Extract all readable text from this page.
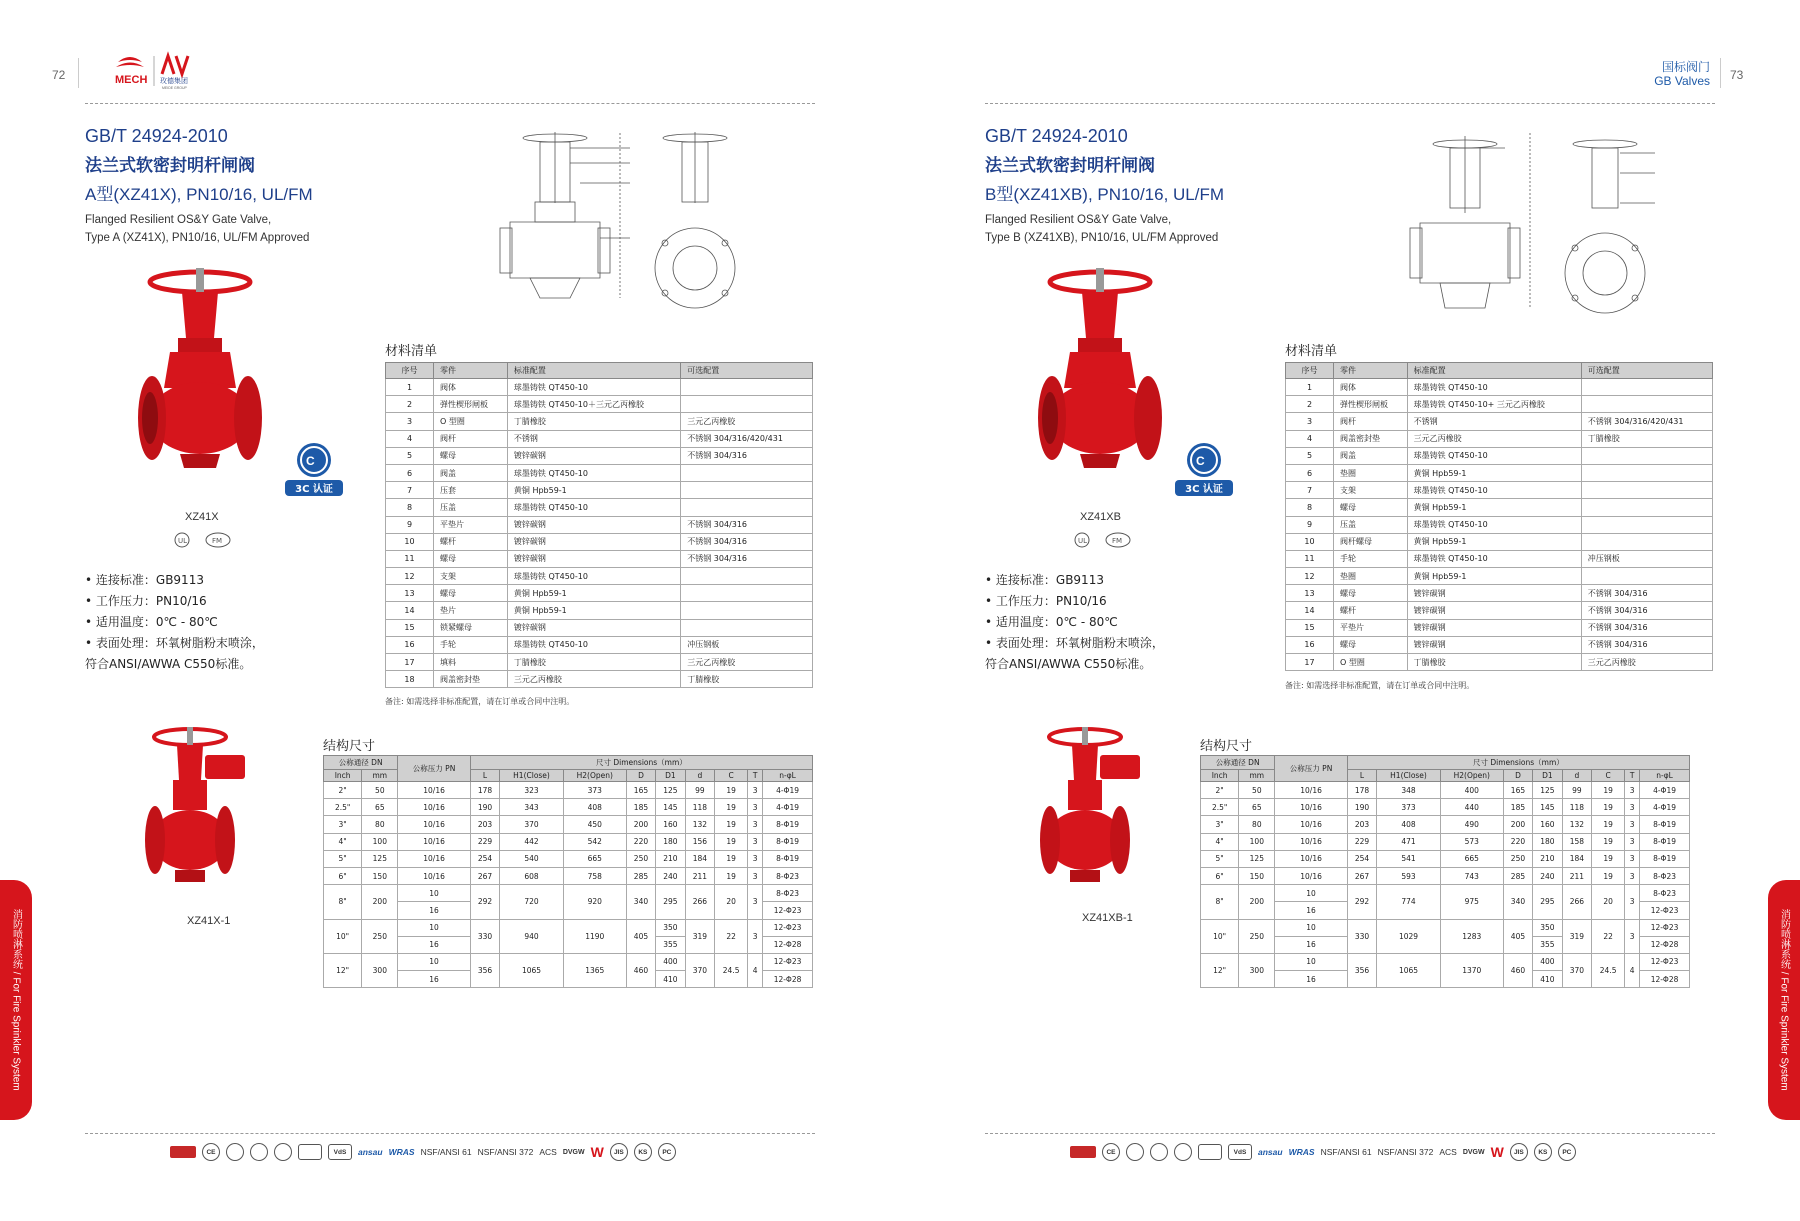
72	MECH 玫德集团
MEIDE GROUP
GB/T 24924-2010
法兰式软密封明杆闸阀
A型(XZ41X), PN10/16, UL/FM
Flanged Resilient OS&Y Gate Valve,
Type A (XZ41X), PN10/16, UL/FM Approved
C
3C 认证
XZ41X
UL	FM
• 连接标准：GB9113
• 工作压力：PN10/16
• 适用温度：0℃ - 80℃
• 表面处理：环氧树脂粉末喷涂，
符合ANSI/AWWA C550标准。
材料清单
序号	零件	标准配置	可选配置
1	阀体	球墨铸铁 QT450-10	
2	弹性楔形闸板	球墨铸铁 QT450-10＋三元乙丙橡胶	
3	O 型圈	丁腈橡胶	三元乙丙橡胶
4	阀杆	不锈钢	不锈钢 304/316/420/431
5	螺母	镀锌碳钢	不锈钢 304/316
6	阀盖	球墨铸铁 QT450-10	
7	压套	黄铜 Hpb59-1	
8	压盖	球墨铸铁 QT450-10	
9	平垫片	镀锌碳钢	不锈钢 304/316
10	螺杆	镀锌碳钢	不锈钢 304/316
11	螺母	镀锌碳钢	不锈钢 304/316
12	支架	球墨铸铁 QT450-10	
13	螺母	黄铜 Hpb59-1	
14	垫片	黄铜 Hpb59-1	
15	锁紧螺母	镀锌碳钢	
16	手轮	球墨铸铁 QT450-10	冲压钢板
17	填料	丁腈橡胶	三元乙丙橡胶
18	阀盖密封垫	三元乙丙橡胶	丁腈橡胶
备注: 如需选择非标准配置，请在订单或合同中注明。
结构尺寸
公称通径 DN		公称压力 PN	尺寸 Dimensions（mm）								
Inch	mm		L	H1(Close)	H2(Open)	D	D1	d	C	T	n-φL
2"	50	10/16	178	323	373	165	125	99	19	3	4-Φ19
2.5"	65	10/16	190	343	408	185	145	118	19	3	4-Φ19
3"	80	10/16	203	370	450	200	160	132	19	3	8-Φ19
4"	100	10/16	229	442	542	220	180	156	19	3	8-Φ19
5"	125	10/16	254	540	665	250	210	184	19	3	8-Φ19
6"	150	10/16	267	608	758	285	240	211	19	3	8-Φ23
8"	200	10	292	720	920	340	295	266	20	3	8-Φ23
		16									12-Φ23
10"	250	10	330	940	1190	405	350	319	22	3	12-Φ23
		16					355				12-Φ28
12"	300	10	356	1065	1365	460	400	370	24.5	4	12-Φ23
		16					410				12-Φ28
XZ41X-1
消防喷淋系统 / For Fire Sprinkler System
CE	VdS	ansau WRAS NSF/ANSI 61 NSF/ANSI 372 ACS DVGW W	JIS	KS	PC
国标阀门
GB Valves 73
GB/T 24924-2010
法兰式软密封明杆闸阀
B型(XZ41XB), PN10/16, UL/FM
Flanged Resilient OS&Y Gate Valve,
Type B (XZ41XB), PN10/16, UL/FM Approved
C
3C 认证
XZ41XB
UL	FM
• 连接标准：GB9113
• 工作压力：PN10/16
• 适用温度：0℃ - 80℃
• 表面处理：环氧树脂粉末喷涂，
符合ANSI/AWWA C550标准。
材料清单
序号	零件	标准配置	可选配置
1	阀体	球墨铸铁 QT450-10	
2	弹性楔形闸板	球墨铸铁 QT450-10+ 三元乙丙橡胶	
3	阀杆	不锈钢	不锈钢 304/316/420/431
4	阀盖密封垫	三元乙丙橡胶	丁腈橡胶
5	阀盖	球墨铸铁 QT450-10	
6	垫圈	黄铜 Hpb59-1	
7	支架	球墨铸铁 QT450-10	
8	螺母	黄铜 Hpb59-1	
9	压盖	球墨铸铁 QT450-10	
10	阀杆螺母	黄铜 Hpb59-1	
11	手轮	球墨铸铁 QT450-10	冲压钢板
12	垫圈	黄铜 Hpb59-1	
13	螺母	镀锌碳钢	不锈钢 304/316
14	螺杆	镀锌碳钢	不锈钢 304/316
15	平垫片	镀锌碳钢	不锈钢 304/316
16	螺母	镀锌碳钢	不锈钢 304/316
17	O 型圈	丁腈橡胶	三元乙丙橡胶
备注: 如需选择非标准配置，请在订单或合同中注明。
结构尺寸
公称通径 DN		公称压力 PN	尺寸 Dimensions（mm）								
Inch	mm		L	H1(Close)	H2(Open)	D	D1	d	C	T	n-φL
2"	50	10/16	178	348	400	165	125	99	19	3	4-Φ19
2.5"	65	10/16	190	373	440	185	145	118	19	3	4-Φ19
3"	80	10/16	203	408	490	200	160	132	19	3	8-Φ19
4"	100	10/16	229	471	573	220	180	158	19	3	8-Φ19
5"	125	10/16	254	541	665	250	210	184	19	3	8-Φ19
6"	150	10/16	267	593	743	285	240	211	19	3	8-Φ23
8"	200	10	292	774	975	340	295	266	20	3	8-Φ23
		16									12-Φ23
10"	250	10	330	1029	1283	405	350	319	22	3	12-Φ23
		16					355				12-Φ28
12"	300	10	356	1065	1370	460	400	370	24.5	4	12-Φ23
		16					410				12-Φ28
XZ41XB-1	消防喷淋系统 / For Fire Sprinkler System
CE	VdS	ansau WRAS NSF/ANSI 61 NSF/ANSI 372 ACS DVGW W	JIS	KS	PC
